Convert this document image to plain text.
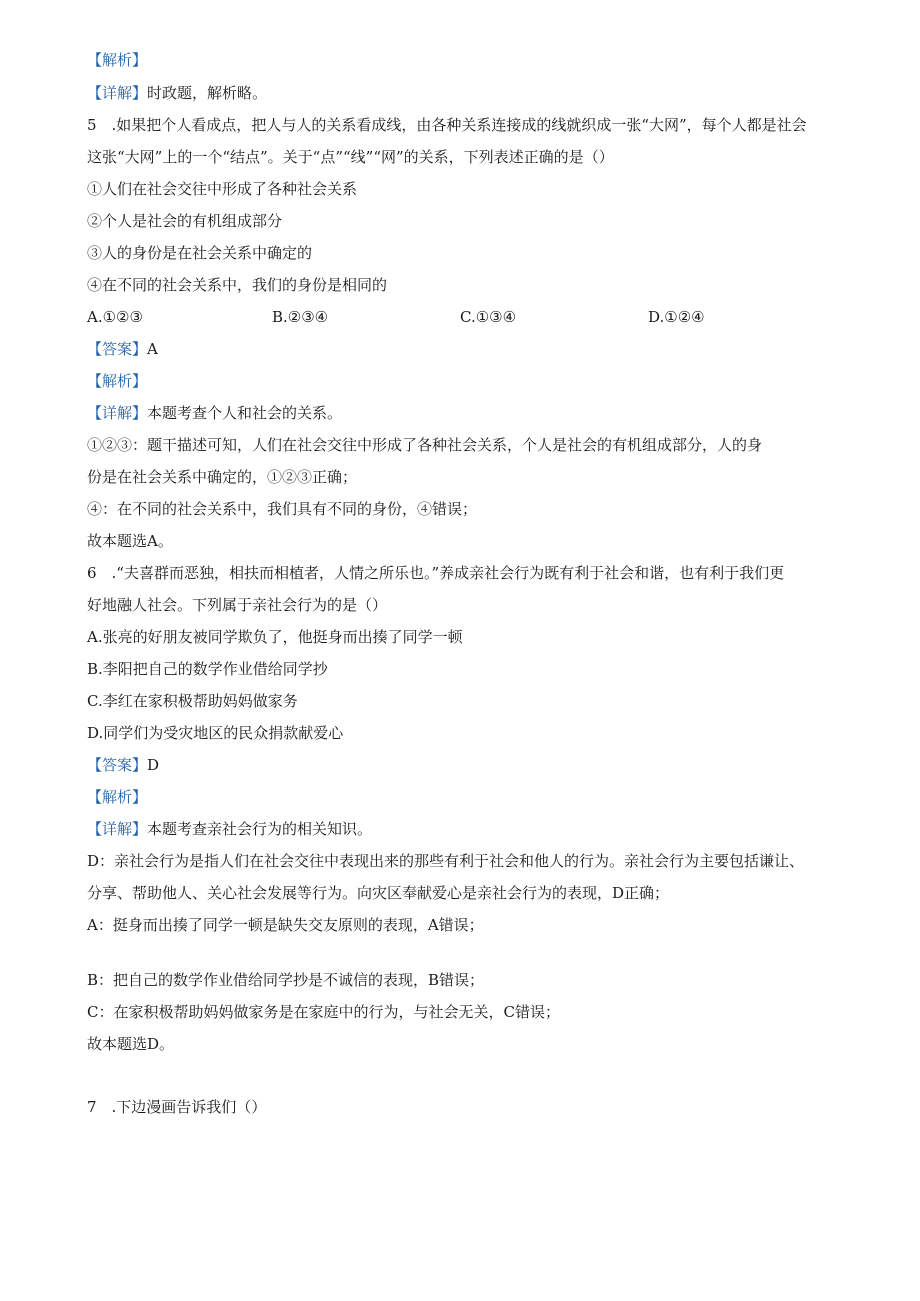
【解析】
【详解】时政题，解析略。
5　.如果把个人看成点，把人与人的关系看成线，由各种关系连接成的线就织成一张“大网”，每个人都是社会
这张“大网”上的一个“结点”。关于“点”“线”“网”的关系，下列表述正确的是（）
①人们在社会交往中形成了各种社会关系
②个人是社会的有机组成部分
③人的身份是在社会关系中确定的
④在不同的社会关系中，我们的身份是相同的
A.①②③	B.②③④	C.①③④	D.①②④
【答案】A
【解析】
【详解】本题考查个人和社会的关系。
①②③：题干描述可知，人们在社会交往中形成了各种社会关系，个人是社会的有机组成部分，人的身
份是在社会关系中确定的，①②③正确；
④：在不同的社会关系中，我们具有不同的身份，④错误；
故本题选A。
6　.“夫喜群而恶独，相扶而相植者，人情之所乐也。”养成亲社会行为既有利于社会和谐，也有利于我们更
好地融人社会。下列属于亲社会行为的是（）
A.张亮的好朋友被同学欺负了，他挺身而出揍了同学一顿
B.李阳把自己的数学作业借给同学抄
C.李红在家积极帮助妈妈做家务
D.同学们为受灾地区的民众捐款献爱心
【答案】D
【解析】
【详解】本题考查亲社会行为的相关知识。
D：亲社会行为是指人们在社会交往中表现出来的那些有利于社会和他人的行为。亲社会行为主要包括谦让、
分享、帮助他人、关心社会发展等行为。向灾区奉献爱心是亲社会行为的表现，D正确；
A：挺身而出揍了同学一顿是缺失交友原则的表现，A错误；
B：把自己的数学作业借给同学抄是不诚信的表现，B错误；
C：在家积极帮助妈妈做家务是在家庭中的行为，与社会无关，C错误；
故本题选D。
7　.下边漫画告诉我们（）
